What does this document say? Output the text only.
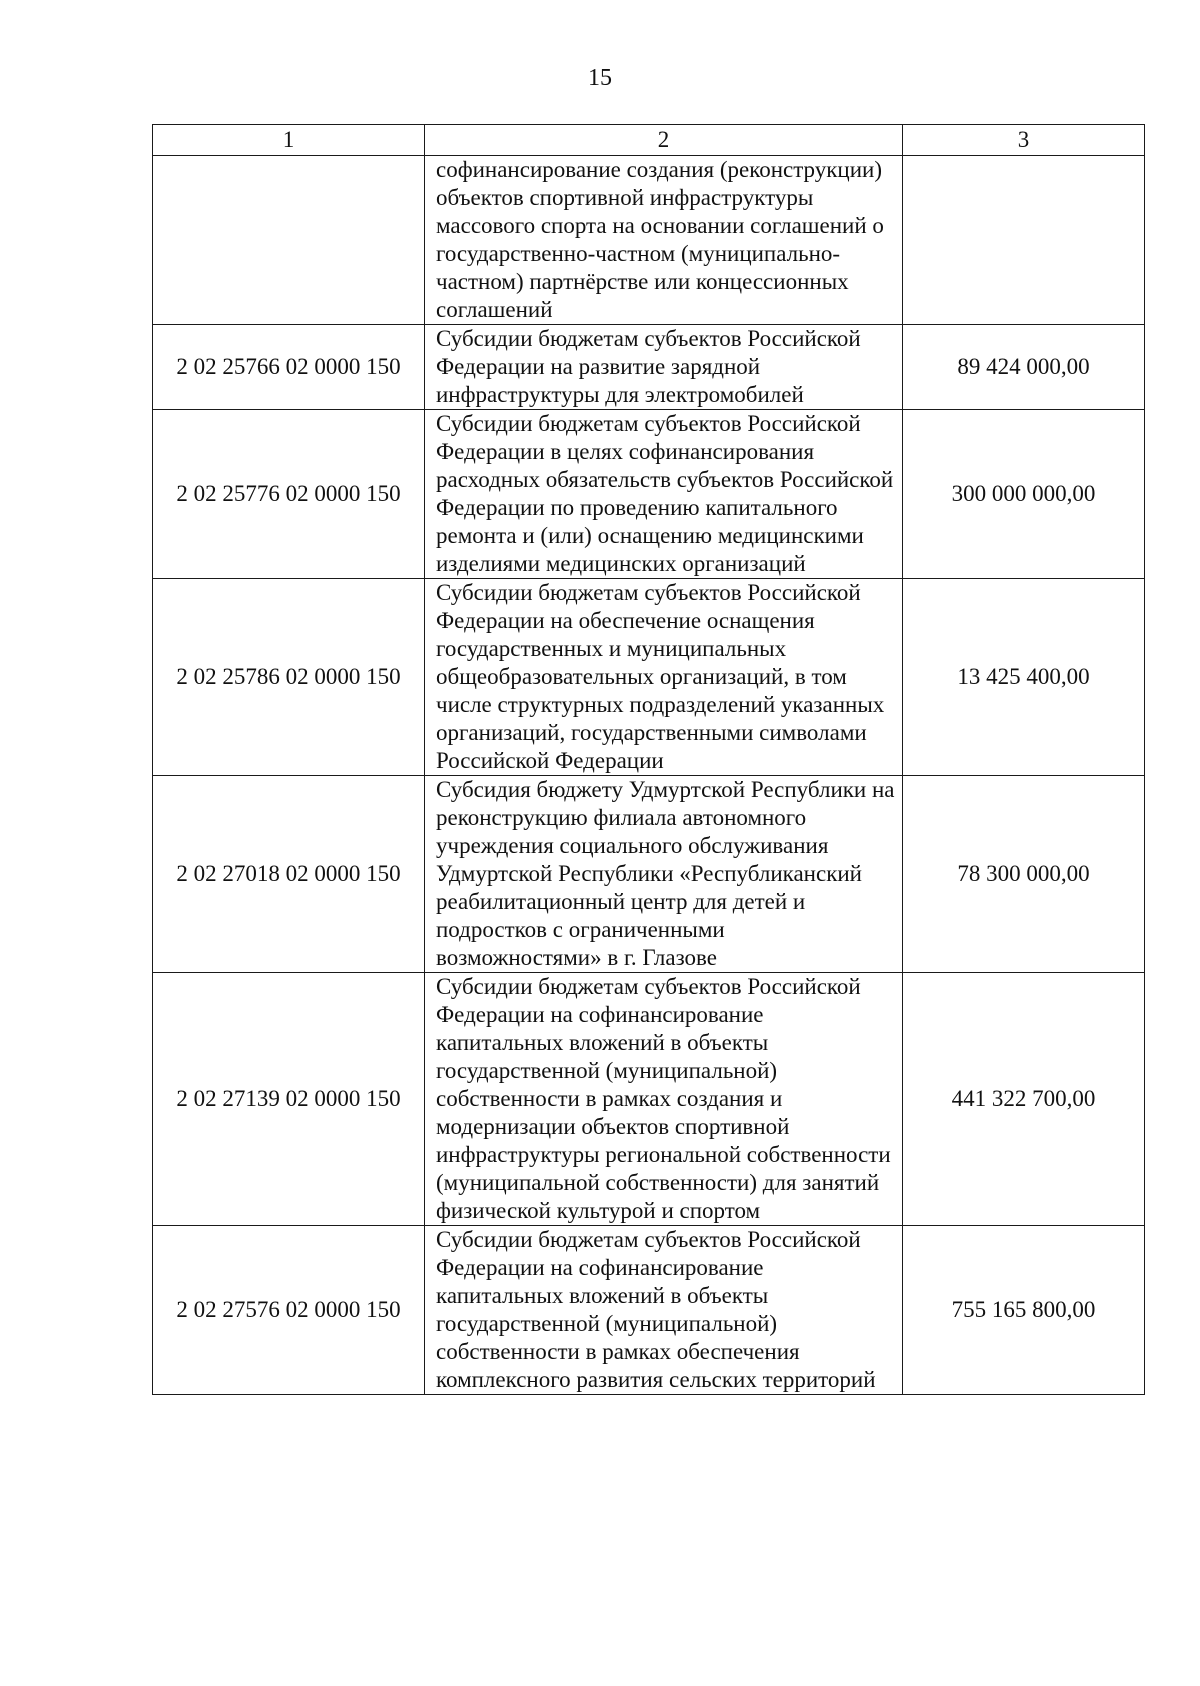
15
1	2	3
	софинансирование создания (реконструкции) объектов спортивной инфраструктуры массового спорта на основании соглашений о государственно-частном (муниципально-частном) партнёрстве или концессионных соглашений	
2 02 25766 02 0000 150	Субсидии бюджетам субъектов Российской Федерации на развитие зарядной инфраструктуры для электромобилей	89 424 000,00
2 02 25776 02 0000 150	Субсидии бюджетам субъектов Российской Федерации в целях софинансирования расходных обязательств субъектов Российской Федерации по проведению капитального ремонта и (или) оснащению медицинскими изделиями медицинских организаций	300 000 000,00
2 02 25786 02 0000 150	Субсидии бюджетам субъектов Российской Федерации на обеспечение оснащения государственных и муниципальных общеобразовательных организаций, в том числе структурных подразделений указанных организаций, государственными символами Российской Федерации	13 425 400,00
2 02 27018 02 0000 150	Субсидия бюджету Удмуртской Республики на реконструкцию филиала автономного учреждения социального обслуживания Удмуртской Республики «Республиканский реабилитационный центр для детей и подростков с ограниченными возможностями» в г. Глазове	78 300 000,00
2 02 27139 02 0000 150	Субсидии бюджетам субъектов Российской Федерации на софинансирование капитальных вложений в объекты государственной (муниципальной) собственности в рамках создания и модернизации объектов спортивной инфраструктуры региональной собственности (муниципальной собственности) для занятий физической культурой и спортом	441 322 700,00
2 02 27576 02 0000 150	Субсидии бюджетам субъектов Российской Федерации на софинансирование капитальных вложений в объекты государственной (муниципальной) собственности в рамках обеспечения комплексного развития сельских территорий	755 165 800,00
